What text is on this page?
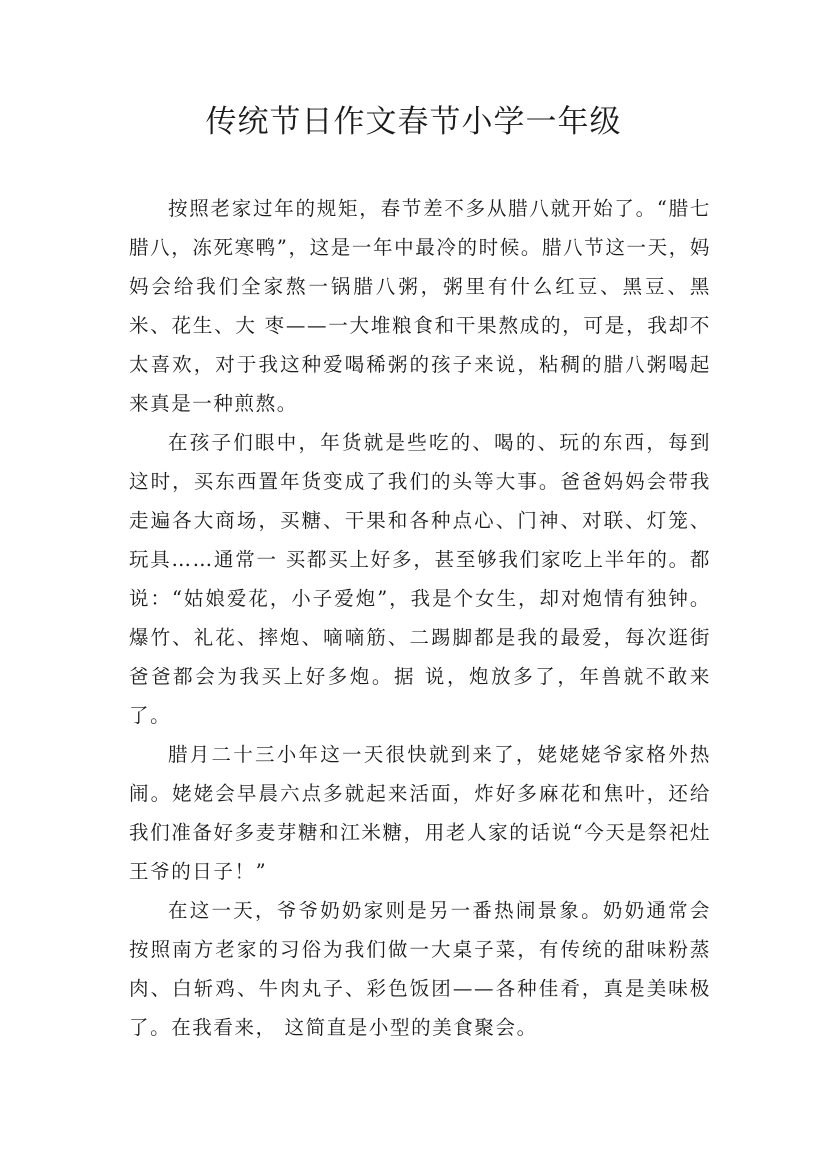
传统节日作文春节小学一年级

按照老家过年的规矩，春节差不多从腊八就开始了。“腊七腊八，冻死寒鸭”，这是一年中最冷的时候。腊八节这一天，妈妈会给我们全家熬一锅腊八粥，粥里有什么红豆、黑豆、黑米、花生、大 枣——一大堆粮食和干果熬成的，可是，我却不太喜欢，对于我这种爱喝稀粥的孩子来说，粘稠的腊八粥喝起来真是一种煎熬。

在孩子们眼中，年货就是些吃的、喝的、玩的东西，每到这时，买东西置年货变成了我们的头等大事。爸爸妈妈会带我走遍各大商场，买糖、干果和各种点心、门神、对联、灯笼、玩具……通常一 买都买上好多，甚至够我们家吃上半年的。都说：“姑娘爱花，小子爱炮”，我是个女生，却对炮情有独钟。爆竹、礼花、摔炮、嘀嘀筋、二踢脚都是我的最爱，每次逛街爸爸都会为我买上好多炮。据 说，炮放多了，年兽就不敢来了。

腊月二十三小年这一天很快就到来了，姥姥姥爷家格外热闹。姥姥会早晨六点多就起来活面，炸好多麻花和焦叶，还给我们准备好多麦芽糖和江米糖，用老人家的话说“今天是祭祀灶王爷的日子！”

在这一天，爷爷奶奶家则是另一番热闹景象。奶奶通常会按照南方老家的习俗为我们做一大桌子菜，有传统的甜味粉蒸肉、白斩鸡、牛肉丸子、彩色饭团——各种佳肴，真是美味极了。在我看来， 这简直是小型的美食聚会。
